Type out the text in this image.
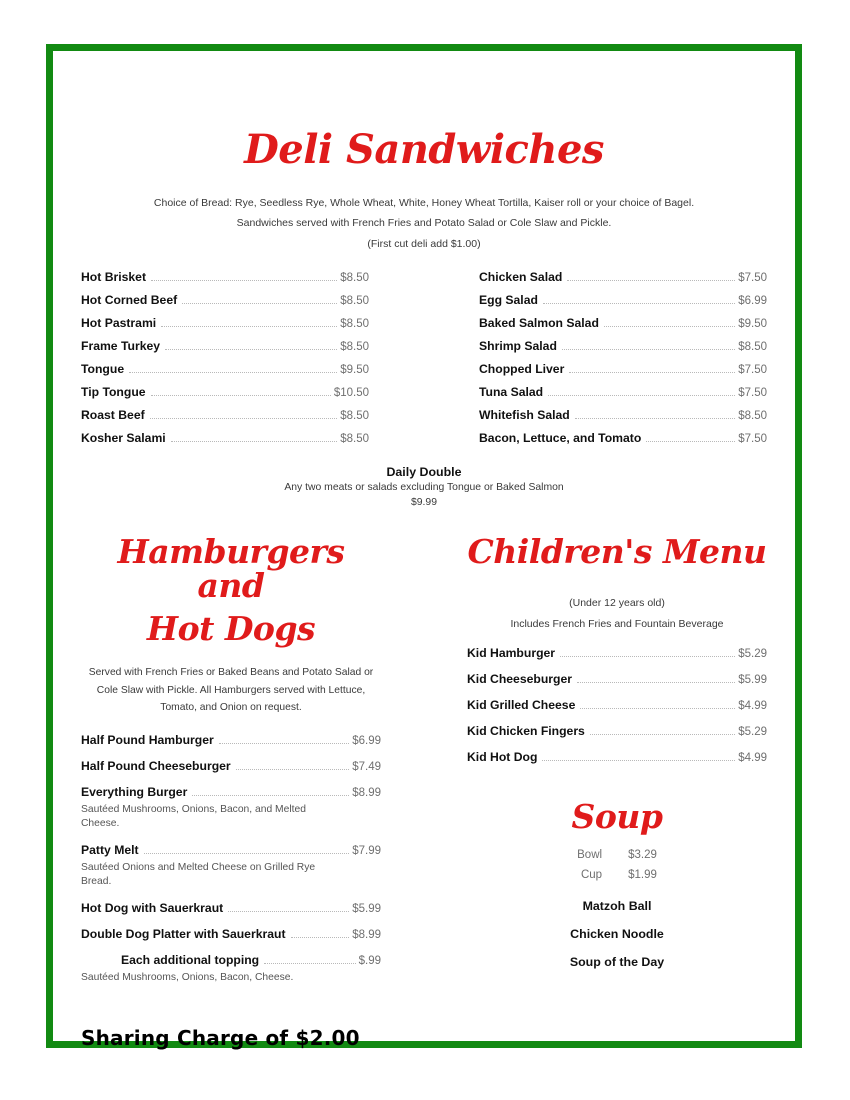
Deli Sandwiches
Choice of Bread: Rye, Seedless Rye, Whole Wheat, White, Honey Wheat Tortilla, Kaiser roll or your choice of Bagel.
Sandwiches served with French Fries and Potato Salad or Cole Slaw and Pickle.
(First cut deli add $1.00)
Hot Brisket	$8.50
Hot Corned Beef	$8.50
Hot Pastrami	$8.50
Frame Turkey	$8.50
Tongue	$9.50
Tip Tongue	$10.50
Roast Beef	$8.50
Kosher Salami	$8.50
Chicken Salad	$7.50
Egg Salad	$6.99
Baked Salmon Salad	$9.50
Shrimp Salad	$8.50
Chopped Liver	$7.50
Tuna Salad	$7.50
Whitefish Salad	$8.50
Bacon, Lettuce, and Tomato	$7.50
Daily Double
Any two meats or salads excluding Tongue or Baked Salmon
$9.99
Hamburgers and
Hot Dogs
Served with French Fries or Baked Beans and Potato Salad or Cole Slaw with Pickle. All Hamburgers served with Lettuce, Tomato, and Onion on request.
Half Pound Hamburger	$6.99
Half Pound Cheeseburger	$7.49
Everything Burger	$8.99
Sautéed Mushrooms, Onions, Bacon, and Melted Cheese.
Patty Melt	$7.99
Sautéed Onions and Melted Cheese on Grilled Rye Bread.
Hot Dog with Sauerkraut	$5.99
Double Dog Platter with Sauerkraut	$8.99
Each additional topping	$.99
Sautéed Mushrooms, Onions, Bacon, Cheese.
Sharing Charge of $2.00
Children's Menu
(Under 12 years old)
Includes French Fries and Fountain Beverage
Kid Hamburger	$5.29
Kid Cheeseburger	$5.99
Kid Grilled Cheese	$4.99
Kid Chicken Fingers	$5.29
Kid Hot Dog	$4.99
Soup
Bowl	$3.29
Cup	$1.99
Matzoh Ball
Chicken Noodle
Soup of the Day
